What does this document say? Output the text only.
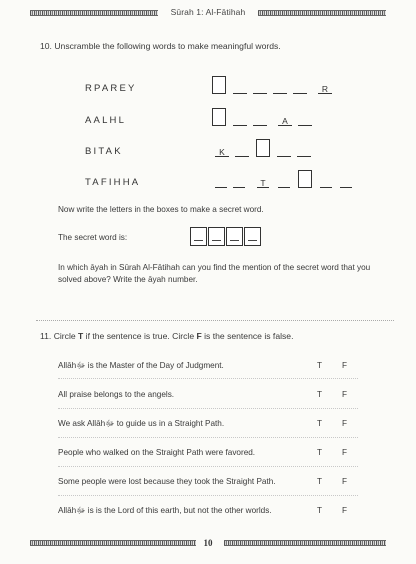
Sūrah 1: Al-Fātihah
10. Unscramble the following words to make meaningful words.
RPAREY	R
AALHL	A
BITAK	K
TAFIHHA	T
Now write the letters in the boxes to make a secret word.
The secret word is:
In which āyah in Sūrah Al-Fātihah can you find the mention of the secret word that you solved above? Write the āyah number.
11. Circle T if the sentence is true. Circle F is the sentence is false.
Allāhﷻ is the Master of the Day of Judgment.	T F
All praise belongs to the angels.	T F
We ask Allāhﷻ to guide us in a Straight Path.	T F
People who walked on the Straight Path were favored.	T F
Some people were lost because they took the Straight Path.	T F
Allāhﷻ is is the Lord of this earth, but not the other worlds.	T F
10
